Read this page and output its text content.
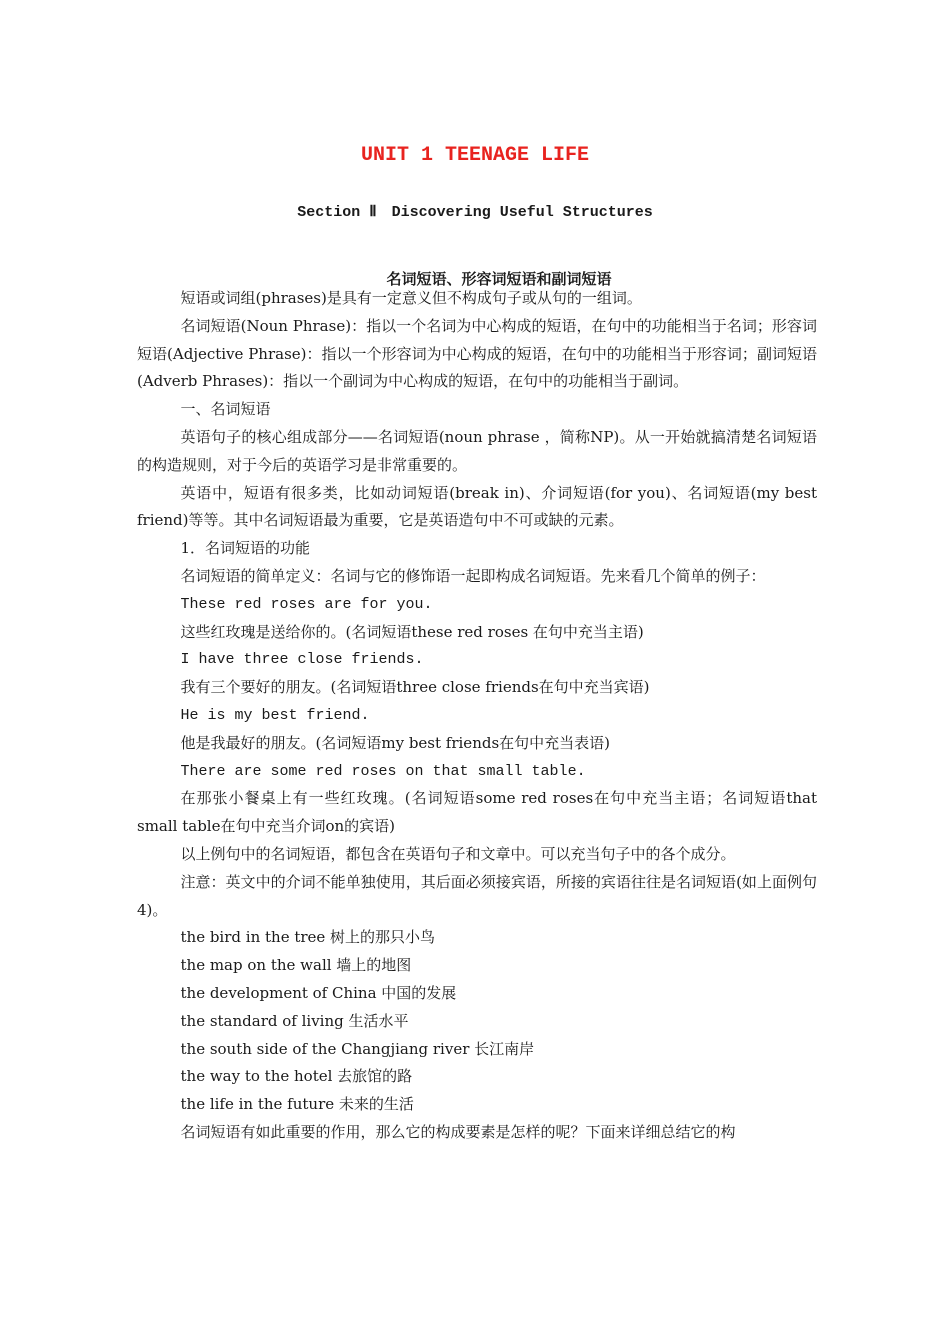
UNIT 1 TEENAGE LIFE
Section Ⅱ　Discovering Useful Structures
名词短语、形容词短语和副词短语

短语或词组(phrases)是具有一定意义但不构成句子或从句的一组词。

名词短语(Noun Phrase)：指以一个名词为中心构成的短语，在句中的功能相当于名词；形容词短语(Adjective Phrase)：指以一个形容词为中心构成的短语，在句中的功能相当于形容词；副词短语(Adverb Phrases)：指以一个副词为中心构成的短语，在句中的功能相当于副词。

一、名词短语

英语句子的核心组成部分——名词短语(noun phrase ，简称NP)。从一开始就搞清楚名词短语的构造规则，对于今后的英语学习是非常重要的。

英语中，短语有很多类，比如动词短语(break in)、介词短语(for you)、名词短语(my best friend)等等。其中名词短语最为重要，它是英语造句中不可或缺的元素。

1．名词短语的功能

名词短语的简单定义：名词与它的修饰语一起即构成名词短语。先来看几个简单的例子：

These red roses are for you.

这些红玫瑰是送给你的。(名词短语these red roses 在句中充当主语)

I have three close friends.

我有三个要好的朋友。(名词短语three close friends在句中充当宾语)

He is my best friend.

他是我最好的朋友。(名词短语my best friends在句中充当表语)

There are some red roses on that small table.

在那张小餐桌上有一些红玫瑰。(名词短语some red roses在句中充当主语；名词短语that small table在句中充当介词on的宾语)

以上例句中的名词短语，都包含在英语句子和文章中。可以充当句子中的各个成分。

注意：英文中的介词不能单独使用，其后面必须接宾语，所接的宾语往往是名词短语(如上面例句4)。

the bird in the tree 树上的那只小鸟

the map on the wall 墙上的地图

the development of China 中国的发展

the standard of living 生活水平

the south side of the Changjiang river 长江南岸

the way to the hotel 去旅馆的路

the life in the future 未来的生活

名词短语有如此重要的作用，那么它的构成要素是怎样的呢？下面来详细总结它的构
